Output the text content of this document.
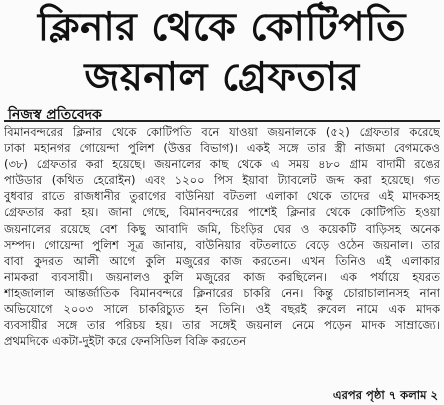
ক্লিনার থেকে কোটিপতি
জয়নাল গ্রেফতার
নিজস্ব প্রতিবেদক
বিমানবন্দরের ক্লিনার থেকে কোটিপতি বনে যাওয়া জয়নালকে (৫২) গ্রেফতার করেছে
ঢাকা মহানগর গোয়েন্দা পুলিশ (উত্তর বিভাগ)। একই সঙ্গে তার স্ত্রী নাজমা বেগমকেও
(৩৮) গ্রেফতার করা হয়েছে। জয়নালের কাছ থেকে এ সময় ৪৮০ গ্রাম বাদামী রঙের
পাউডার (কথিত হেরোইন) এবং ১২০০ পিস ইয়াবা ট্যাবলেট জব্দ করা হয়েছে। গত
বুধবার রাতে রাজধানীর তুরাগের বাউনিয়া বটতলা এলাকা থেকে তাদের এই মাদকসহ
গ্রেফতার করা হয়। জানা গেছে, বিমানবন্দরের পাশেই ক্লিনার থেকে কোটিপতি হওয়া
জয়নালের রয়েছে বেশ কিছু আবাদি জমি, চিংড়ির ঘের ও কয়েকটি বাড়িসহ অনেক
সম্পদ। গোয়েন্দা পুলিশ সূত্র জানায়, বাউনিয়ার বটতলাতে বেড়ে ওঠেন জয়নাল। তার
বাবা কুদরত আলী আগে কুলি মজুরের কাজ করতেন। এখন তিনিও এই এলাকার
নামকরা ব্যবসায়ী। জয়নালও কুলি মজুরের কাজ করছিলেন। এক পর্যায়ে হযরত
শাহজালাল আন্তর্জাতিক বিমানবন্দরে ক্লিনারের চাকরি নেন। কিন্তু চোরাচালানসহ নানা
অভিযোগে ২০০৩ সালে চাকরিচ্যুত হন তিনি। ওই বছরই রুবেল নামে এক মাদক
ব্যবসায়ীর সঙ্গে তার পরিচয় হয়। তার সঙ্গেই জয়নাল নেমে পড়েন মাদক সাম্রাজ্যে।
প্রথমদিকে একটা-দুইটা করে ফেনসিডিল বিক্রি করতেন
এরপর পৃষ্ঠা ৭ কলাম ২
